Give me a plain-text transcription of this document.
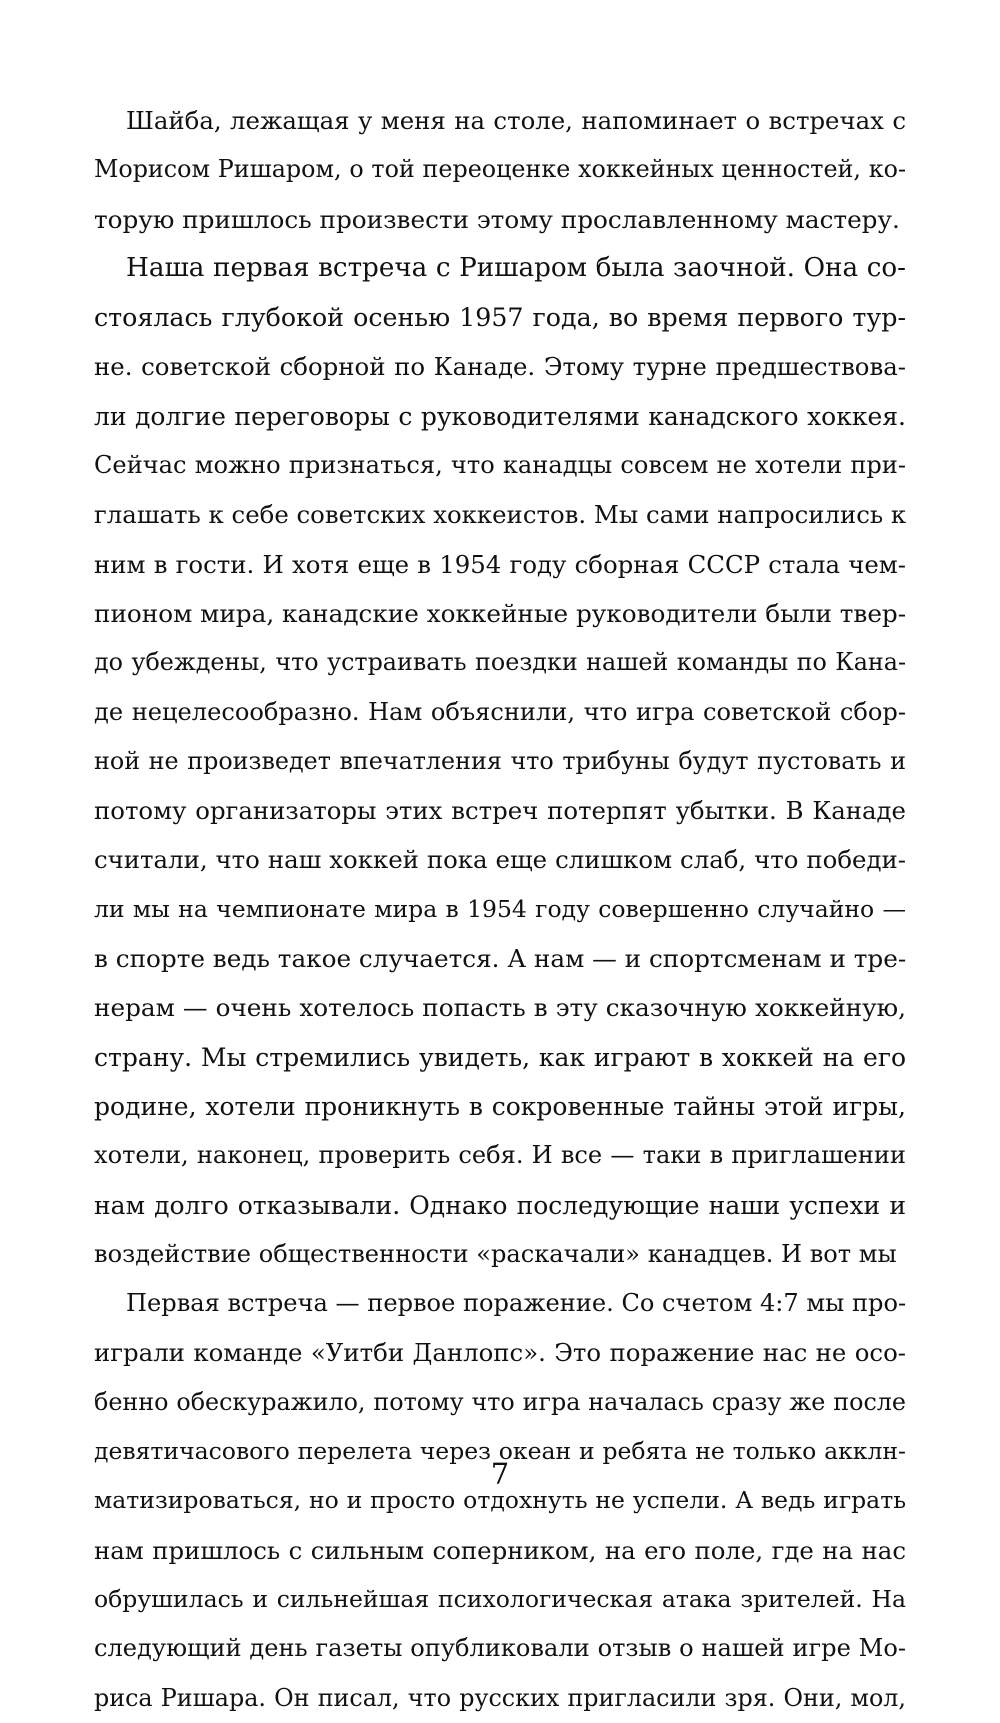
Шайба, лежащая у меня на столе, напоминает о встречах с
Морисом Ришаром, о той переоценке хоккейных ценностей, ко-
торую пришлось произвести этому прославленному мастеру.
Наша первая встреча с Ришаром была заочной. Она со-
стоялась глубокой осенью 1957 года, во время первого тур-
не. советской сборной по Канаде. Этому турне предшествова-
ли долгие переговоры с руководителями канадского хоккея.
Сейчас можно признаться, что канадцы совсем не хотели при-
глашать к себе советских хоккеистов. Мы сами напросились к
ним в гости. И хотя еще в 1954 году сборная СССР стала чем-
пионом мира, канадские хоккейные руководители были твер-
до убеждены, что устраивать поездки нашей команды по Кана-
де нецелесообразно. Нам объяснили, что игра советской сбор-
ной не произведет впечатления что трибуны будут пустовать и
потому организаторы этих встреч потерпят убытки. В Канаде
считали, что наш хоккей пока еще слишком слаб, что победи-
ли мы на чемпионате мира в 1954 году совершенно случайно —
в спорте ведь такое случается. А нам — и спортсменам и тре-
нерам — очень хотелось попасть в эту сказочную хоккейную,
страну. Мы стремились увидеть, как играют в хоккей на его
родине, хотели проникнуть в сокровенные тайны этой игры,
хотели, наконец, проверить себя. И все — таки в приглашении
нам долго отказывали. Однако последующие наши успехи и
воздействие общественности «раскачали» канадцев. И вот мы
Первая встреча — первое поражение. Со счетом 4:7 мы про-
играли команде «Уитби Данлопс». Это поражение нас не осо-
бенно обескуражило, потому что игра началась сразу же после
девятичасового перелета через океан и ребята не только акклн-
матизироваться, но и просто отдохнуть не успели. А ведь играть
нам пришлось с сильным соперником, на его поле, где на нас
обрушилась и сильнейшая психологическая атака зрителей. На
следующий день газеты опубликовали отзыв о нашей игре Мо-
риса Ришара. Он писал, что русских пригласили зря. Они, мол,
7
